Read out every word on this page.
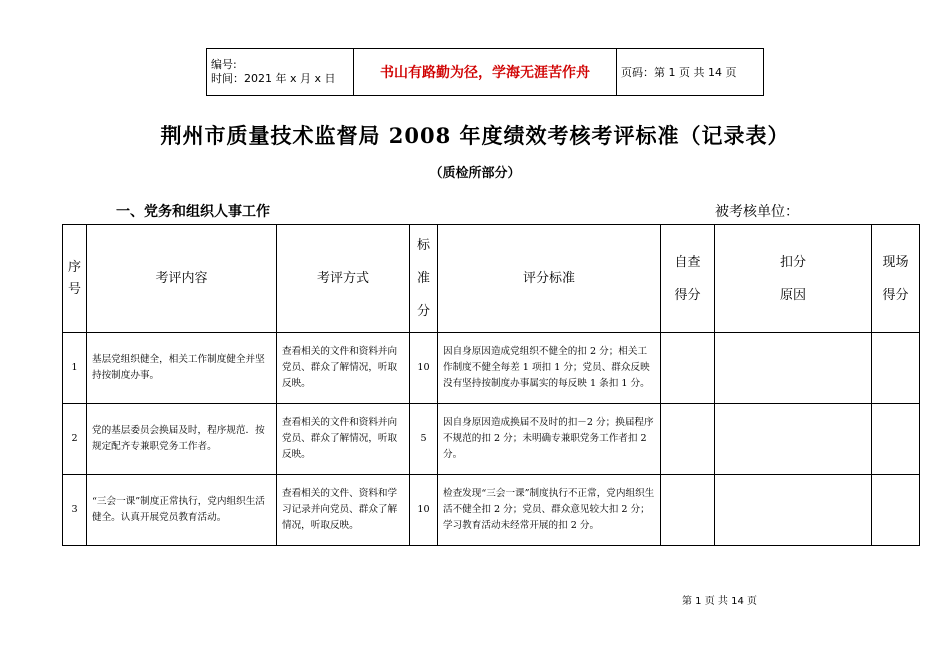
编号:
时间：2021 年 x 月 x 日	书山有路勤为径，学海无涯苦作舟	页码：第 1 页 共 14 页
荆州市质量技术监督局 2008 年度绩效考核考评标准（记录表）
（质检所部分）
一、党务和组织人事工作	被考核单位：
序号	考评内容	考评方式	标准分	评分标准	自查得分	扣分原因	现场得分
1	基层党组织健全，相关工作制度健全并坚持按制度办事。	查看相关的文件和资料并向党员、群众了解情况，听取反映。	10	因自身原因造成党组织不健全的扣 2 分；相关工作制度不健全每差 1 项扣 1 分；党员、群众反映没有坚持按制度办事属实的每反映 1 条扣 1 分。			
2	党的基层委员会换届及时，程序规范．按规定配齐专兼职党务工作者。	查看相关的文件和资料并向党员、群众了解情况，听取反映。	5	因自身原因造成换届不及时的扣－2 分；换届程序不规范的扣 2 分；未明确专兼职党务工作者扣 2 分。			
3	“三会一课”制度正常执行，党内组织生活健全。认真开展党员教育活动。	查看相关的文件、资料和学习记录并向党员、群众了解情况，听取反映。	10	检查发现“三会一课”制度执行不正常，党内组织生活不健全扣 2 分；党员、群众意见较大扣 2 分；学习教育活动未经常开展的扣 2 分。			
第 1 页 共 14 页
